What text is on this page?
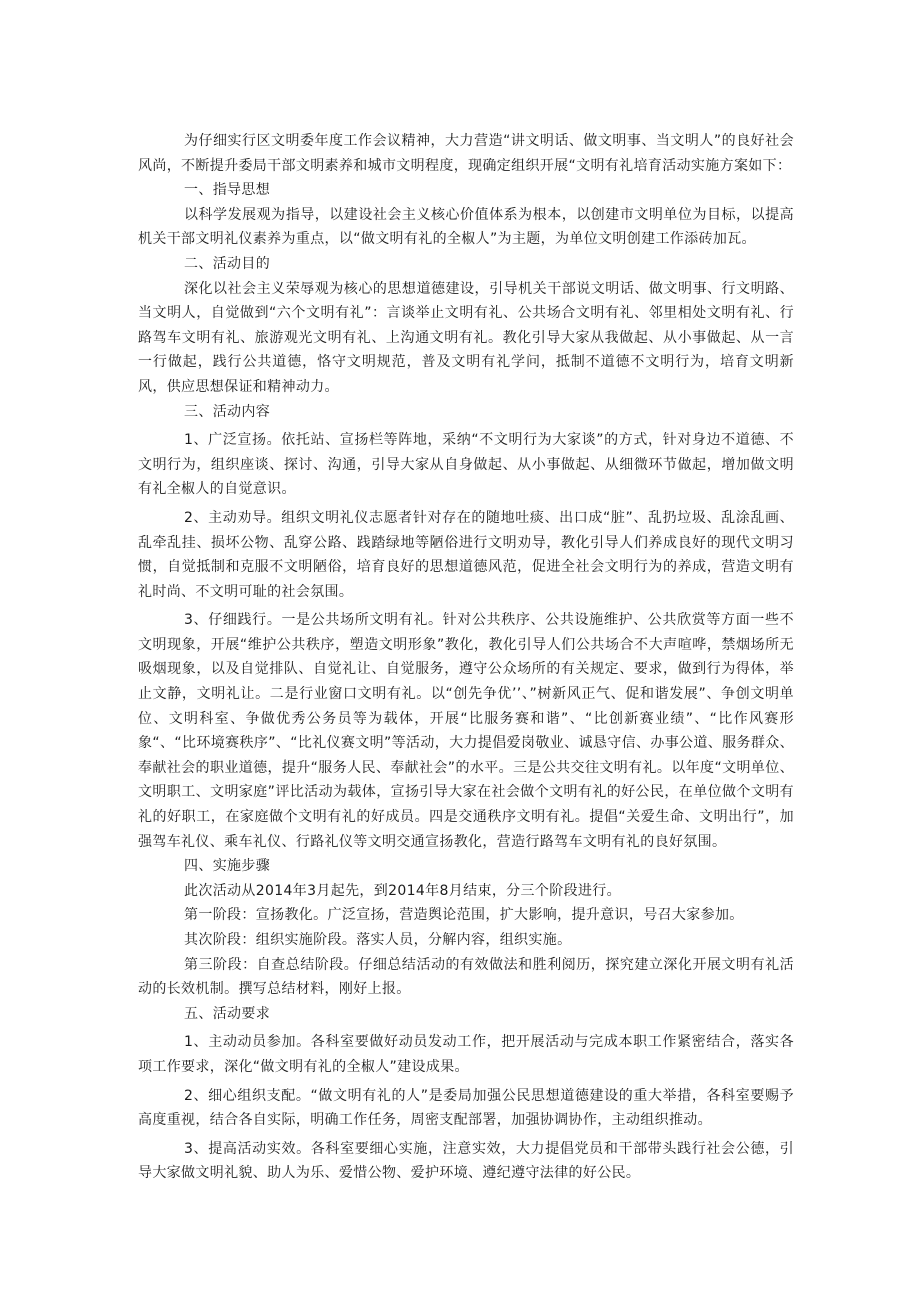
为仔细实行区文明委年度工作会议精神，大力营造“讲文明话、做文明事、当文明人”的良好社会风尚，不断提升委局干部文明素养和城市文明程度，现确定组织开展“文明有礼培育活动实施方案如下：

一、指导思想

以科学发展观为指导，以建设社会主义核心价值体系为根本，以创建市文明单位为目标，以提高机关干部文明礼仪素养为重点，以“做文明有礼的全椒人”为主题，为单位文明创建工作添砖加瓦。

二、活动目的

深化以社会主义荣辱观为核心的思想道德建设，引导机关干部说文明话、做文明事、行文明路、当文明人，自觉做到“六个文明有礼”：言谈举止文明有礼、公共场合文明有礼、邻里相处文明有礼、行路驾车文明有礼、旅游观光文明有礼、上沟通文明有礼。教化引导大家从我做起、从小事做起、从一言一行做起，践行公共道德，恪守文明规范，普及文明有礼学问，抵制不道德不文明行为，培育文明新风，供应思想保证和精神动力。

三、活动内容

1、广泛宣扬。依托站、宣扬栏等阵地，采纳“不文明行为大家谈”的方式，针对身边不道德、不文明行为，组织座谈、探讨、沟通，引导大家从自身做起、从小事做起、从细微环节做起，增加做文明有礼全椒人的自觉意识。

2、主动劝导。组织文明礼仪志愿者针对存在的随地吐痰、出口成“脏”、乱扔垃圾、乱涂乱画、乱牵乱挂、损坏公物、乱穿公路、践踏绿地等陋俗进行文明劝导，教化引导人们养成良好的现代文明习惯，自觉抵制和克服不文明陋俗，培育良好的思想道德风范，促进全社会文明行为的养成，营造文明有礼时尚、不文明可耻的社会氛围。

3、仔细践行。一是公共场所文明有礼。针对公共秩序、公共设施维护、公共欣赏等方面一些不文明现象，开展“维护公共秩序，塑造文明形象”教化，教化引导人们公共场合不大声喧哗，禁烟场所无吸烟现象，以及自觉排队、自觉礼让、自觉服务，遵守公众场所的有关规定、要求，做到行为得体，举止文静，文明礼让。二是行业窗口文明有礼。以“创先争优’’、”树新风正气、促和谐发展”、争创文明单位、文明科室、争做优秀公务员等为载体，开展“比服务赛和谐”、“比创新赛业绩”、“比作风赛形象“、“比环境赛秩序”、“比礼仪赛文明”等活动，大力提倡爱岗敬业、诚恳守信、办事公道、服务群众、奉献社会的职业道德，提升“服务人民、奉献社会”的水平。三是公共交往文明有礼。以年度“文明单位、文明职工、文明家庭”评比活动为载体，宣扬引导大家在社会做个文明有礼的好公民，在单位做个文明有礼的好职工，在家庭做个文明有礼的好成员。四是交通秩序文明有礼。提倡“关爱生命、文明出行”，加强驾车礼仪、乘车礼仪、行路礼仪等文明交通宣扬教化，营造行路驾车文明有礼的良好氛围。

四、实施步骤

此次活动从2014年3月起先，到2014年8月结束，分三个阶段进行。

第一阶段：宣扬教化。广泛宣扬，营造舆论范围，扩大影响，提升意识，号召大家参加。

其次阶段：组织实施阶段。落实人员，分解内容，组织实施。

第三阶段：自查总结阶段。仔细总结活动的有效做法和胜利阅历，探究建立深化开展文明有礼活动的长效机制。撰写总结材料，刚好上报。

五、活动要求

1、主动动员参加。各科室要做好动员发动工作，把开展活动与完成本职工作紧密结合，落实各项工作要求，深化“做文明有礼的全椒人”建设成果。

2、细心组织支配。“做文明有礼的人”是委局加强公民思想道德建设的重大举措，各科室要赐予高度重视，结合各自实际，明确工作任务，周密支配部署，加强协调协作，主动组织推动。

3、提高活动实效。各科室要细心实施，注意实效，大力提倡党员和干部带头践行社会公德，引导大家做文明礼貌、助人为乐、爱惜公物、爱护环境、遵纪遵守法律的好公民。
